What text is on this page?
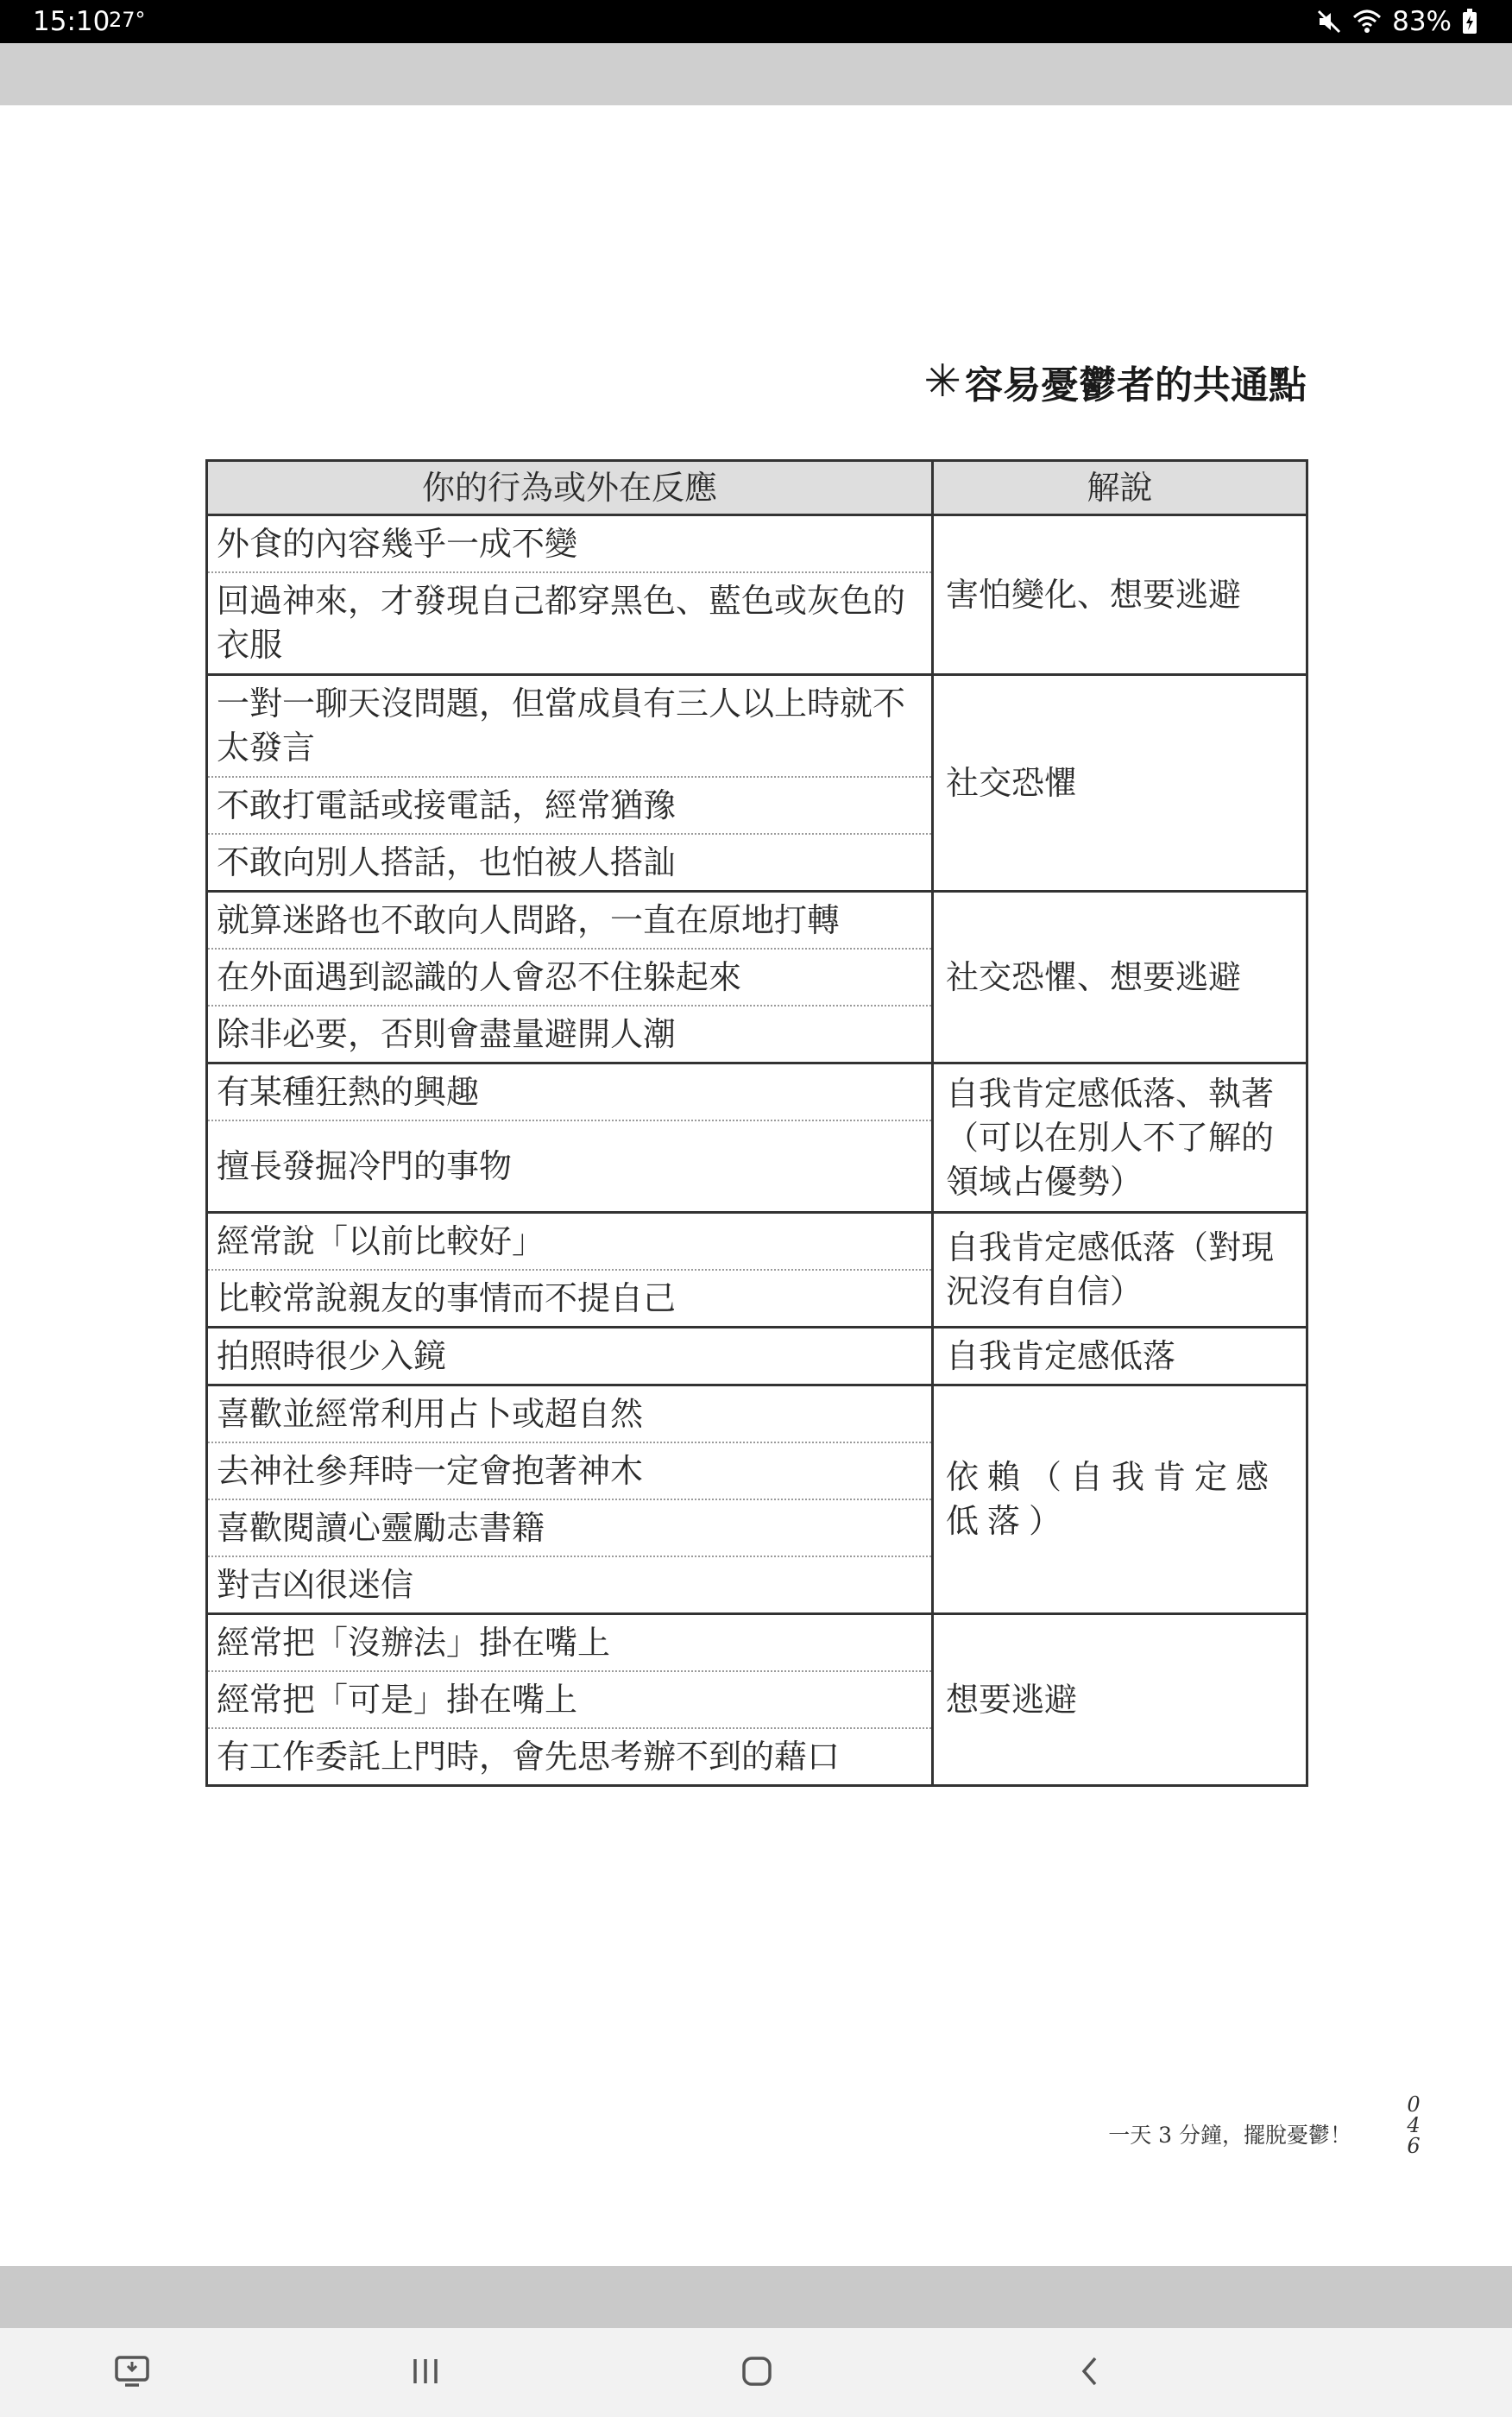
15:10
27°	83%
✳ 容易憂鬱者的共通點
你的行為或外在反應	解說
外食的內容幾乎一成不變	害怕變化、想要逃避
回過神來，才發現自己都穿黑色、藍色或灰色的衣服	
一對一聊天沒問題，但當成員有三人以上時就不太發言	社交恐懼
不敢打電話或接電話，經常猶豫	
不敢向別人搭話，也怕被人搭訕	
就算迷路也不敢向人問路，一直在原地打轉	社交恐懼、想要逃避
在外面遇到認識的人會忍不住躲起來	
除非必要，否則會盡量避開人潮	
有某種狂熱的興趣	自我肯定感低落、執著（可以在別人不了解的領域占優勢）
擅長發掘冷門的事物	
經常說「以前比較好」	自我肯定感低落（對現況沒有自信）
比較常說親友的事情而不提自己	
拍照時很少入鏡	自我肯定感低落
喜歡並經常利用占卜或超自然	依賴（自我肯定感低落）
去神社參拜時一定會抱著神木	
喜歡閱讀心靈勵志書籍	
對吉凶很迷信	
經常把「沒辦法」掛在嘴上	想要逃避
經常把「可是」掛在嘴上	
有工作委託上門時，會先思考辦不到的藉口	
一天 3 分鐘，擺脫憂鬱！
046
